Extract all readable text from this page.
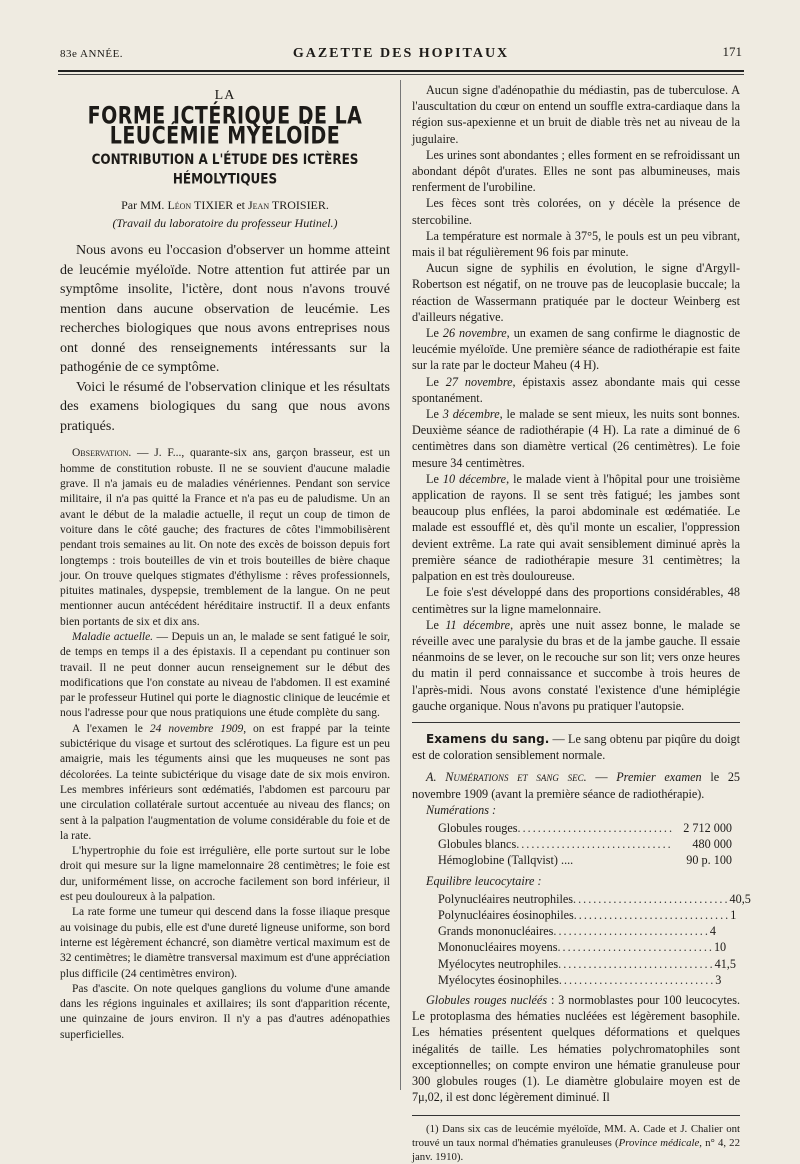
83e ANNÉE.	GAZETTE DES HOPITAUX	171
LA
FORME ICTÉRIQUE DE LA LEUCÉMIE MYÉLOÏDE
CONTRIBUTION A L'ÉTUDE DES ICTÈRES HÉMOLYTIQUES
Par MM. Léon TIXIER et Jean TROISIER.
(Travail du laboratoire du professeur Hutinel.)

Nous avons eu l'occasion d'observer un homme atteint de leucémie myéloïde. Notre attention fut attirée par un symptôme insolite, l'ictère, dont nous n'avons trouvé mention dans aucune observation de leucémie. Les recherches biologiques que nous avons entreprises nous ont donné des renseignements intéressants sur la pathogénie de ce symptôme.

Voici le résumé de l'observation clinique et les résultats des examens biologiques du sang que nous avons pratiqués.

Observation. — J. F..., quarante-six ans, garçon brasseur, est un homme de constitution robuste. Il ne se souvient d'aucune maladie grave. Il n'a jamais eu de maladies vénériennes. Pendant son service militaire, il n'a pas quitté la France et n'a pas eu de paludisme. Un an avant le début de la maladie actuelle, il reçut un coup de timon de voiture dans le côté gauche; des fractures de côtes l'immobilisèrent pendant trois semaines au lit. On note des excès de boisson depuis fort longtemps : trois bouteilles de vin et trois bouteilles de bière chaque jour. On trouve quelques stigmates d'éthylisme : rêves professionnels, pituites matinales, dyspepsie, tremblement de la langue. On ne peut mentionner aucun antécédent héréditaire instructif. Il a deux enfants bien portants de six et dix ans.

Maladie actuelle. — Depuis un an, le malade se sent fatigué le soir, de temps en temps il a des épistaxis. Il a cependant pu continuer son travail. Il ne peut donner aucun renseignement sur le début des modifications que l'on constate au niveau de l'abdomen. Il est examiné par le professeur Hutinel qui porte le diagnostic clinique de leucémie et nous l'adresse pour que nous pratiquions une étude complète du sang.

A l'examen le 24 novembre 1909, on est frappé par la teinte subictérique du visage et surtout des sclérotiques. La figure est un peu amaigrie, mais les téguments ainsi que les muqueuses ne sont pas décolorées. La teinte subictérique du visage date de six mois environ. Les membres inférieurs sont œdématiés, l'abdomen est parcouru par une circulation collatérale surtout accentuée au niveau des flancs; on sent à la palpation l'augmentation de volume considérable du foie et de la rate.

L'hypertrophie du foie est irrégulière, elle porte surtout sur le lobe droit qui mesure sur la ligne mamelonnaire 28 centimètres; le foie est dur, uniformément lisse, on accroche facilement son bord inférieur, il est peu douloureux à la palpation.

La rate forme une tumeur qui descend dans la fosse iliaque presque au voisinage du pubis, elle est d'une dureté ligneuse uniforme, son bord interne est légèrement échancré, son diamètre vertical maximum est de 32 centimètres; le diamètre transversal maximum est d'une appréciation plus difficile (24 centimètres environ).

Pas d'ascite. On note quelques ganglions du volume d'une amande dans les régions inguinales et axillaires; ils sont d'apparition récente, une quinzaine de jours environ. Il n'y a pas d'autres adénopathies superficielles.

Aucun signe d'adénopathie du médiastin, pas de tuberculose. A l'auscultation du cœur on entend un souffle extra-cardiaque dans la région sus-apexienne et un bruit de diable très net au niveau de la jugulaire.

Les urines sont abondantes ; elles forment en se refroidissant un abondant dépôt d'urates. Elles ne sont pas albumineuses, mais renferment de l'urobiline.

Les fèces sont très colorées, on y décèle la présence de stercobiline.

La température est normale à 37°5, le pouls est un peu vibrant, mais il bat régulièrement 96 fois par minute.

Aucun signe de syphilis en évolution, le signe d'Argyll-Robertson est négatif, on ne trouve pas de leucoplasie buccale; la réaction de Wassermann pratiquée par le docteur Weinberg est d'ailleurs négative.

Le 26 novembre, un examen de sang confirme le diagnostic de leucémie myéloïde. Une première séance de radiothérapie est faite sur la rate par le docteur Maheu (4 H).

Le 27 novembre, épistaxis assez abondante mais qui cesse spontanément.

Le 3 décembre, le malade se sent mieux, les nuits sont bonnes. Deuxième séance de radiothérapie (4 H). La rate a diminué de 6 centimètres dans son diamètre vertical (26 centimètres). Le foie mesure 34 centimètres.

Le 10 décembre, le malade vient à l'hôpital pour une troisième application de rayons. Il se sent très fatigué; les jambes sont beaucoup plus enflées, la paroi abdominale est œdématiée. Le malade est essoufflé et, dès qu'il monte un escalier, l'oppression devient extrême. La rate qui avait sensiblement diminué après la première séance de radiothérapie mesure 31 centimètres; la palpation en est très douloureuse.

Le foie s'est développé dans des proportions considérables, 48 centimètres sur la ligne mamelonnaire.

Le 11 décembre, après une nuit assez bonne, le malade se réveille avec une paralysie du bras et de la jambe gauche. Il essaie néanmoins de se lever, on le recouche sur son lit; vers onze heures du matin il perd connaissance et succombe à trois heures de l'après-midi. Nous avons constaté l'existence d'une hémiplégie gauche organique. Nous n'avons pu pratiquer l'autopsie.

Examens du sang. — Le sang obtenu par piqûre du doigt est de coloration sensiblement normale.

A. Numérations et sang sec. — Premier examen le 25 novembre 1909 (avant la première séance de radiothérapie).

Numérations :

Globules rouges ............................... 2 712 000
Globules blancs ...............................	480 000
Hémoglobine (Tallqvist) ....	90 p. 100

Equilibre leucocytaire :

Polynucléaires neutrophiles ............................... 40,5
Polynucléaires éosinophiles ............................... 1
Grands mononucléaires ............................... 4
Mononucléaires moyens ............................... 10
Myélocytes neutrophiles ............................... 41,5
Myélocytes éosinophiles ............................... 3

Globules rouges nucléés : 3 normoblastes pour 100 leucocytes. Le protoplasma des hématies nucléées est légèrement basophile. Les hématies présentent quelques déformations et quelques inégalités de taille. Les hématies polychromatophiles sont exceptionnelles; on compte environ une hématie granuleuse pour 300 globules rouges (1). Le diamètre globulaire moyen est de 7μ,02, il est donc légèrement diminué. Il

(1) Dans six cas de leucémie myéloïde, MM. A. Cade et J. Chalier ont trouvé un taux normal d'hématies granuleuses (Province médicale, n° 4, 22 janv. 1910).
